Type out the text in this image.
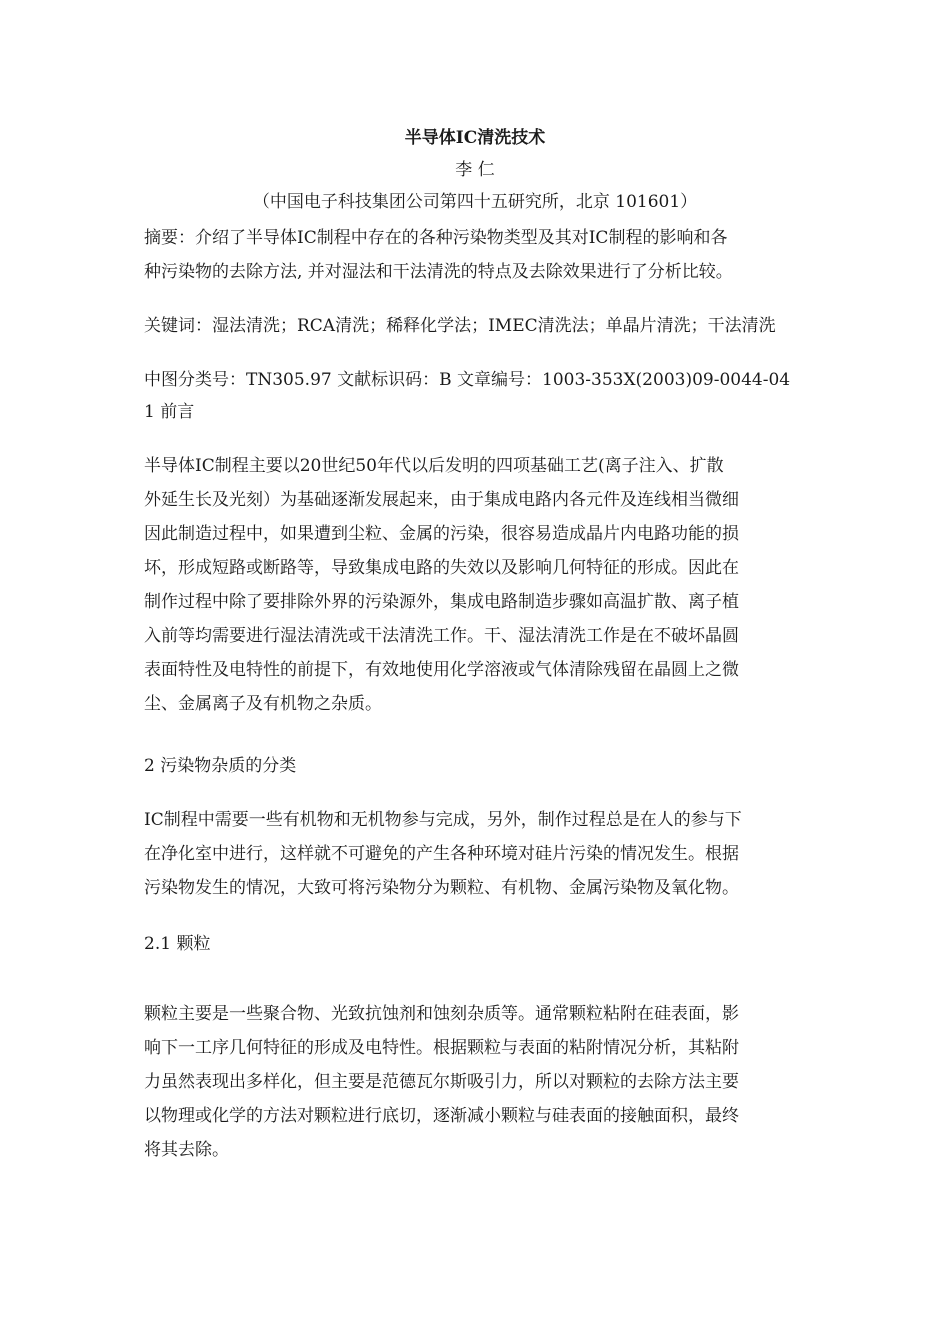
半导体IC清洗技术
李 仁
（中国电子科技集团公司第四十五研究所，北京 101601）
摘要：介绍了半导体IC制程中存在的各种污染物类型及其对IC制程的影响和各
种污染物的去除方法, 并对湿法和干法清洗的特点及去除效果进行了分析比较。
关键词：湿法清洗；RCA清洗；稀释化学法；IMEC清洗法；单晶片清洗；干法清洗
中图分类号：TN305.97 文献标识码：B 文章编号：1003-353X(2003)09-0044-04
1 前言
半导体IC制程主要以20世纪50年代以后发明的四项基础工艺(离子注入、扩散
外延生长及光刻）为基础逐渐发展起来，由于集成电路内各元件及连线相当微细
因此制造过程中，如果遭到尘粒、金属的污染，很容易造成晶片内电路功能的损
坏，形成短路或断路等，导致集成电路的失效以及影响几何特征的形成。因此在
制作过程中除了要排除外界的污染源外，集成电路制造步骤如高温扩散、离子植
入前等均需要进行湿法清洗或干法清洗工作。干、湿法清洗工作是在不破坏晶圆
表面特性及电特性的前提下，有效地使用化学溶液或气体清除残留在晶圆上之微
尘、金属离子及有机物之杂质。
2 污染物杂质的分类
IC制程中需要一些有机物和无机物参与完成，另外，制作过程总是在人的参与下
在净化室中进行，这样就不可避免的产生各种环境对硅片污染的情况发生。根据
污染物发生的情况，大致可将污染物分为颗粒、有机物、金属污染物及氧化物。
2.1 颗粒
颗粒主要是一些聚合物、光致抗蚀剂和蚀刻杂质等。通常颗粒粘附在硅表面，影
响下一工序几何特征的形成及电特性。根据颗粒与表面的粘附情况分析，其粘附
力虽然表现出多样化，但主要是范德瓦尔斯吸引力，所以对颗粒的去除方法主要
以物理或化学的方法对颗粒进行底切，逐渐减小颗粒与硅表面的接触面积，最终
将其去除。
